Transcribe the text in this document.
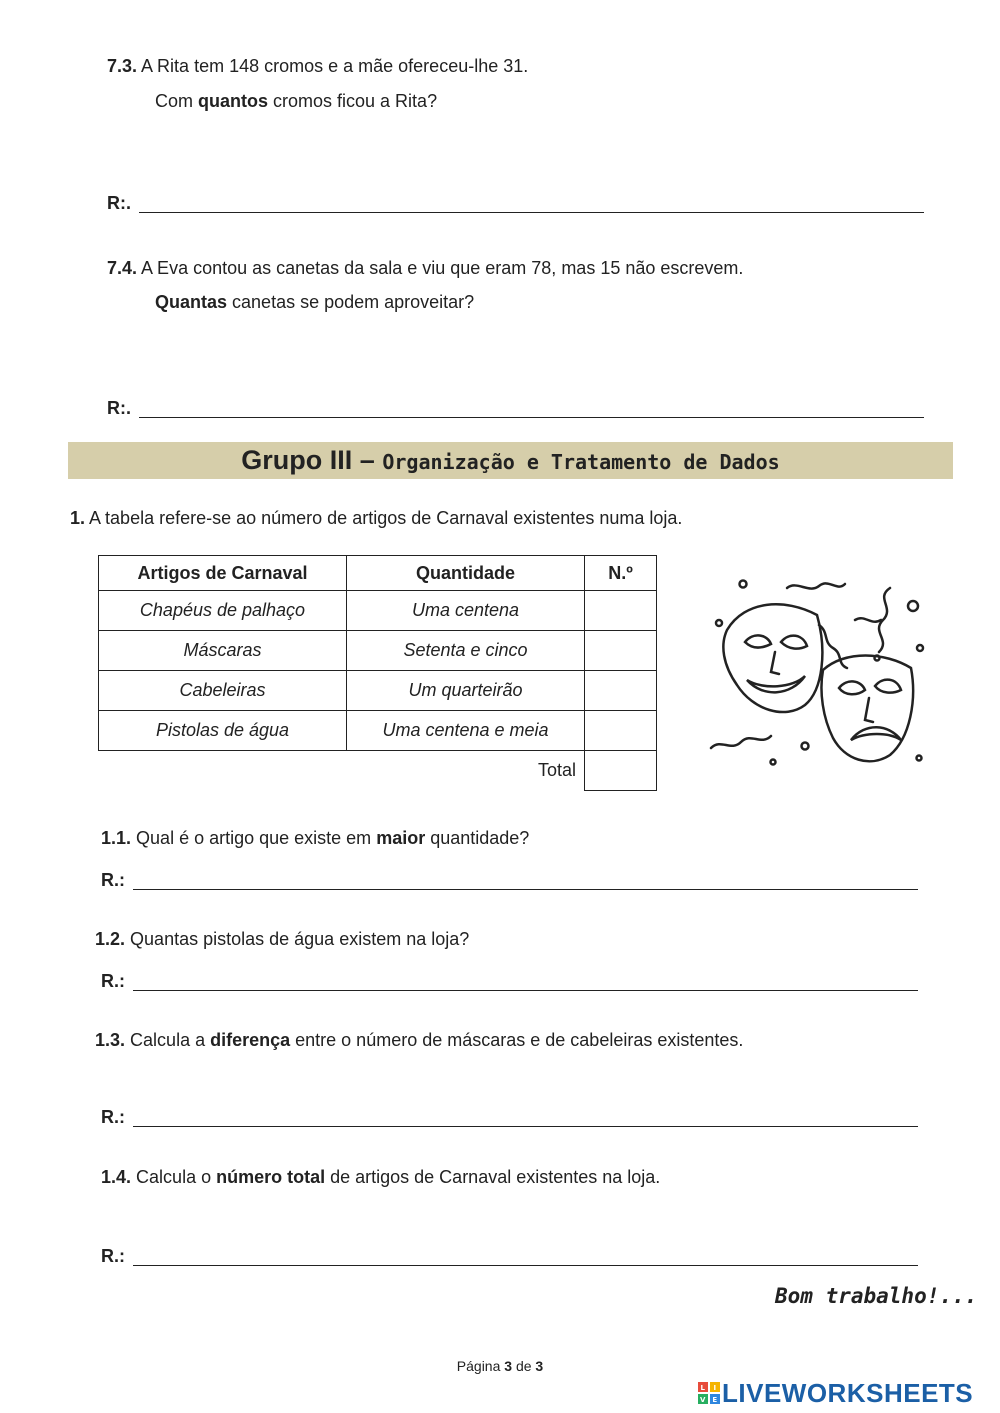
7.3. A Rita tem 148 cromos e a mãe ofereceu-lhe 31.
Com quantos cromos ficou a Rita?
R:.
7.4. A Eva contou as canetas da sala e viu que eram 78, mas 15 não escrevem.
Quantas canetas se podem aproveitar?
R:.
Grupo III – Organização e Tratamento de Dados
1. A tabela refere-se ao número de artigos de Carnaval existentes numa loja.
Artigos de Carnaval	Quantidade	N.º
Chapéus de palhaço	Uma centena	
Máscaras	Setenta e cinco	
Cabeleiras	Um quarteirão	
Pistolas de água	Uma centena e meia	
	Total	
1.1. Qual é o artigo que existe em maior quantidade?
R.:
1.2. Quantas pistolas de água existem na loja?
R.:
1.3. Calcula a diferença entre o número de máscaras e de cabeleiras existentes.
R.:
1.4. Calcula o número total de artigos de Carnaval existentes na loja.
R.:
Bom trabalho!...
Página 3 de 3
L I
V E LIVEWORKSHEETS
